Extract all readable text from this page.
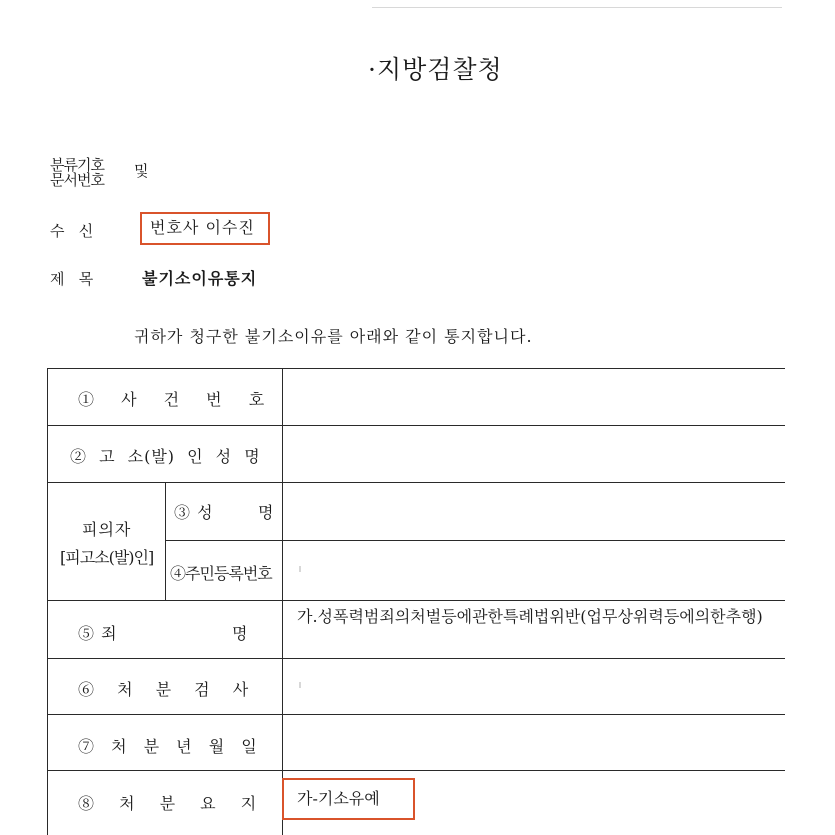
·지방검찰청
분류기호
문서번호 및
수   신	번호사 이수진
제   목	불기소이유통지
귀하가 청구한 불기소이유를 아래와 같이 통지합니다.
① 사 건 번 호
② 고 소(발) 인 성 명
피의자
[피고소(발)인]
③ 성	명
④주민등록번호
⑤ 죄	명
가.성폭력범죄의처벌등에관한특례법위반(업무상위력등에의한추행)
⑥ 처 분 검 사
⑦ 처 분 년 월 일
⑧ 처 분 요 지	가-기소유예
